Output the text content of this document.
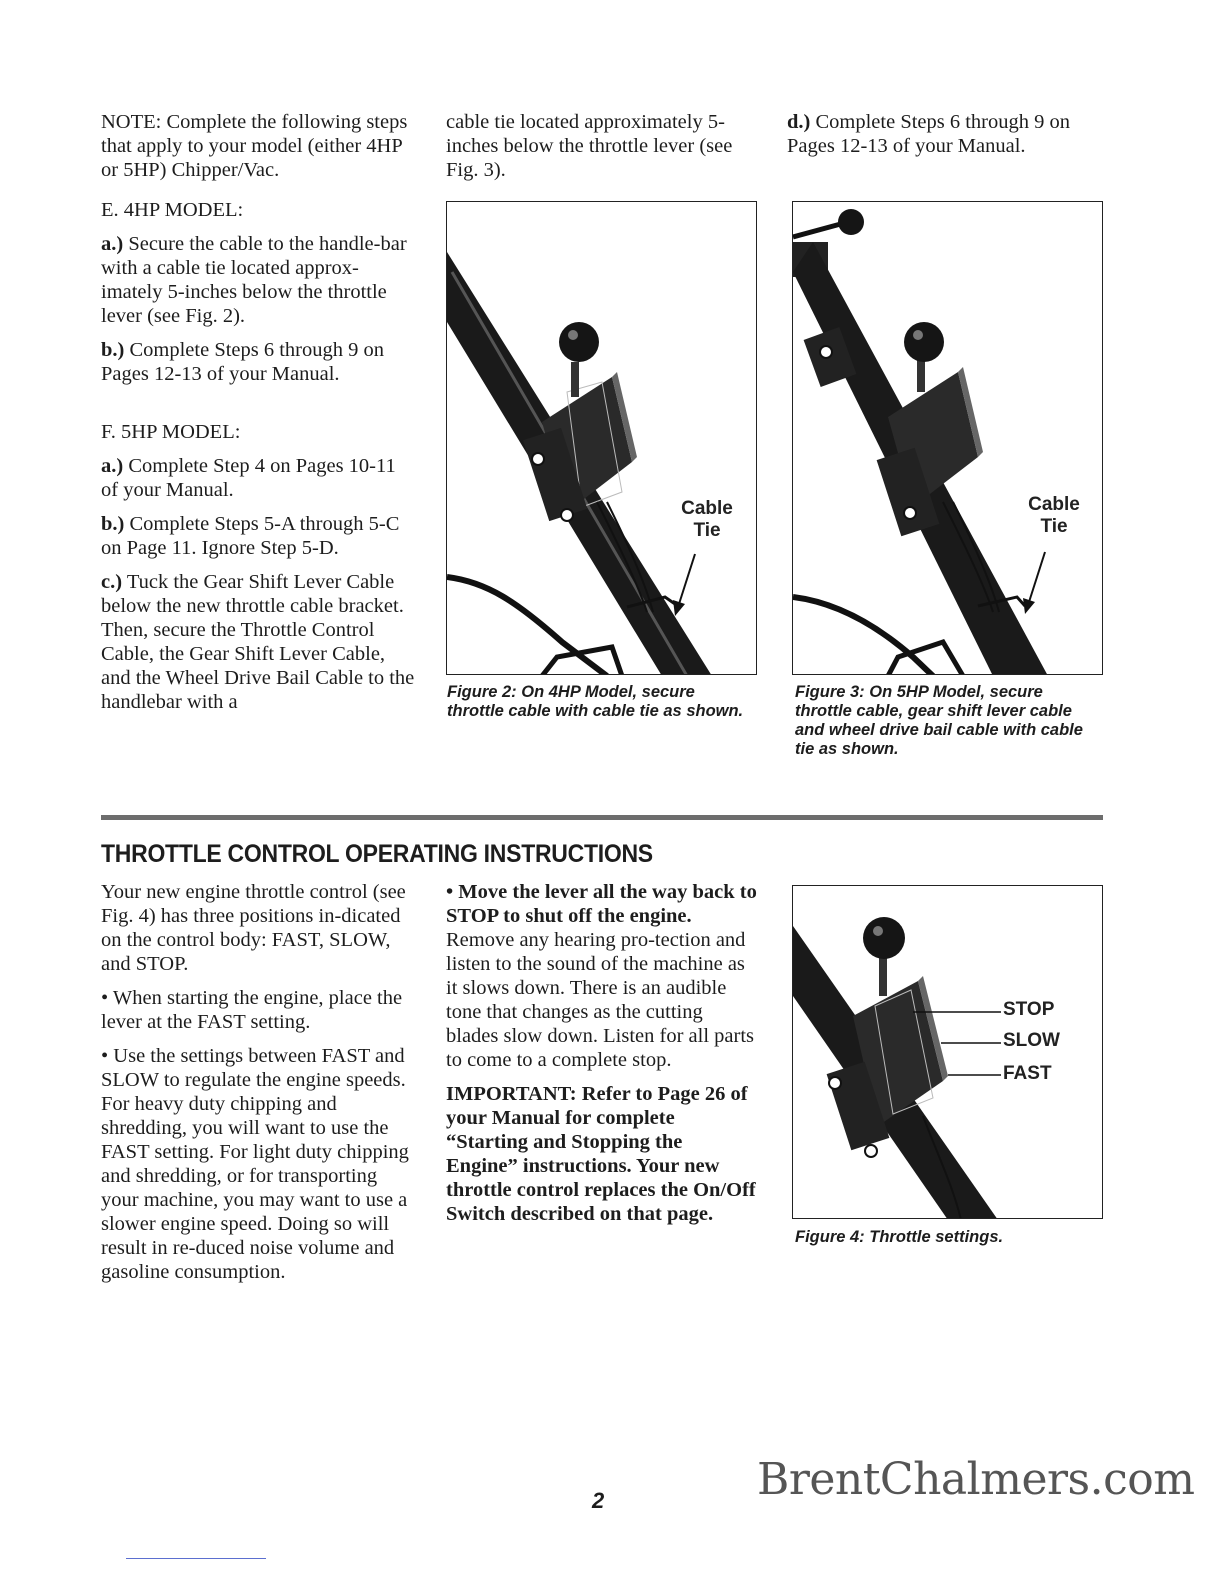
NOTE: Complete the following steps that apply to your model (either 4HP or 5HP) Chipper/Vac.

E. 4HP MODEL:

a.) Secure the cable to the handle-bar with a cable tie located approx-imately 5-inches below the throttle lever (see Fig. 2).

b.) Complete Steps 6 through 9 on Pages 12-13 of your Manual.

F. 5HP MODEL:

a.) Complete Step 4 on Pages 10-11 of your Manual.

b.) Complete Steps 5-A through 5-C on Page 11. Ignore Step 5-D.

c.) Tuck the Gear Shift Lever Cable below the new throttle cable bracket. Then, secure the Throttle Control Cable, the Gear Shift Lever Cable, and the Wheel Drive Bail Cable to the handlebar with a

cable tie located approximately 5-inches below the throttle lever (see Fig. 3).

Cable
Tie
Figure 2: On 4HP Model, secure throttle cable with cable tie as shown.

d.) Complete Steps 6 through 9 on Pages 12-13 of your Manual.

Cable
Tie
Figure 3: On 5HP Model, secure throttle cable, gear shift lever cable and wheel drive bail cable with cable tie as shown.
THROTTLE CONTROL OPERATING INSTRUCTIONS

Your new engine throttle control (see Fig. 4) has three positions in-dicated on the control body: FAST, SLOW, and STOP.

• When starting the engine, place the lever at the FAST setting.

• Use the settings between FAST and SLOW to regulate the engine speeds. For heavy duty chipping and shredding, you will want to use the FAST setting. For light duty chipping and shredding, or for transporting your machine, you may want to use a slower engine speed. Doing so will result in re-duced noise volume and gasoline consumption.

• Move the lever all the way back to STOP to shut off the engine. Remove any hearing pro-tection and listen to the sound of the machine as it slows down. There is an audible tone that changes as the cutting blades slow down. Listen for all parts to come to a complete stop.

IMPORTANT: Refer to Page 26 of your Manual for complete “Starting and Stopping the Engine” instructions. Your new throttle control replaces the On/Off Switch described on that page.

STOP
SLOW
FAST
Figure 4: Throttle settings.
2	BrentChalmers.com
